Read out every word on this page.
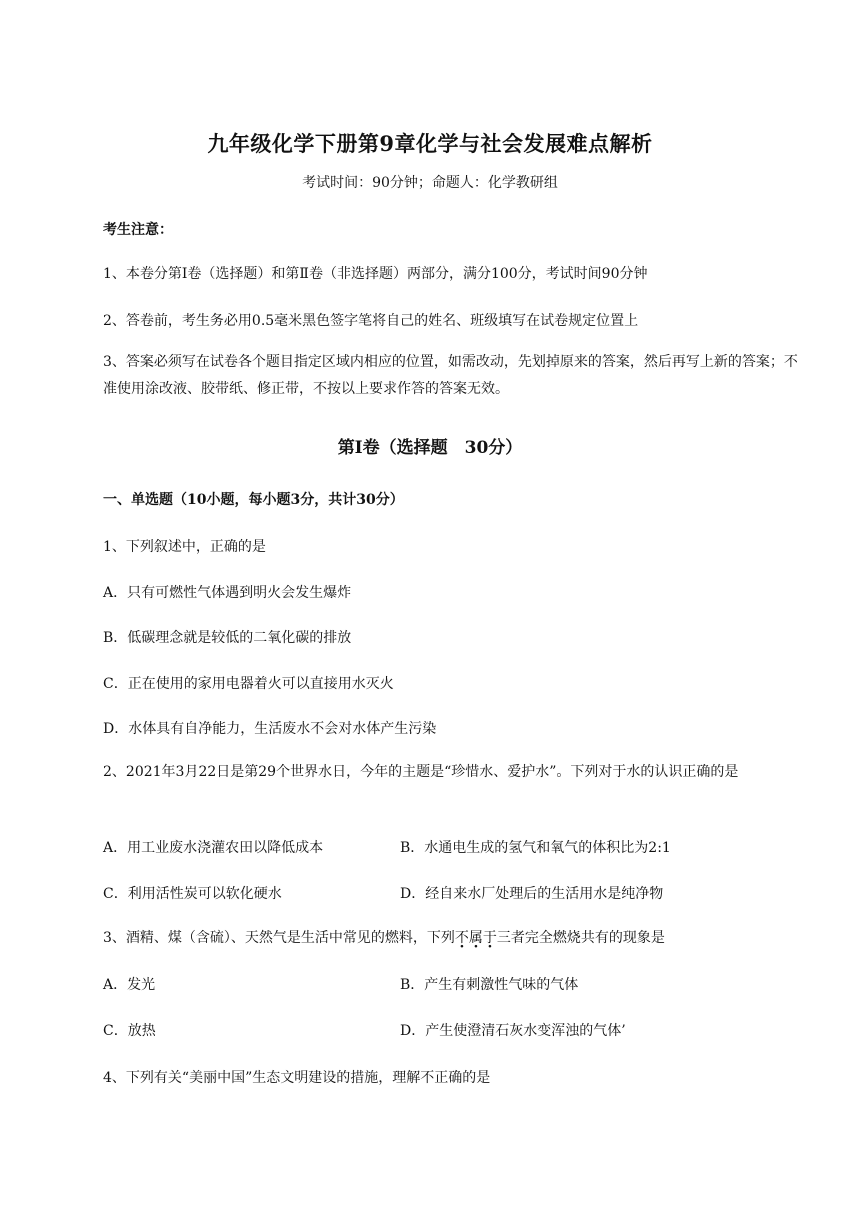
九年级化学下册第9章化学与社会发展难点解析
考试时间：90分钟；命题人：化学教研组
考生注意：
1、本卷分第Ⅰ卷（选择题）和第Ⅱ卷（非选择题）两部分，满分100分，考试时间90分钟
2、答卷前，考生务必用0.5毫米黑色签字笔将自己的姓名、班级填写在试卷规定位置上
3、答案必须写在试卷各个题目指定区域内相应的位置，如需改动，先划掉原来的答案，然后再写上新的答案；不准使用涂改液、胶带纸、修正带，不按以上要求作答的答案无效。
第Ⅰ卷（选择题　30分）
一、单选题（10小题，每小题3分，共计30分）
1、下列叙述中，正确的是
A．只有可燃性气体遇到明火会发生爆炸
B．低碳理念就是较低的二氧化碳的排放
C．正在使用的家用电器着火可以直接用水灭火
D．水体具有自净能力，生活废水不会对水体产生污染
2、2021年3月22日是第29个世界水日，今年的主题是“珍惜水、爱护水”。下列对于水的认识正确的是
A．用工业废水浇灌农田以降低成本	B．水通电生成的氢气和氧气的体积比为2:1
C．利用活性炭可以软化硬水	D．经自来水厂处理后的生活用水是纯净物
3、酒精、煤（含硫）、天然气是生活中常见的燃料，下列不属于三者完全燃烧共有的现象是
A．发光	B．产生有刺激性气味的气体
C．放热	D．产生使澄清石灰水变浑浊的气体’
4、下列有关“美丽中国”生态文明建设的措施，理解不正确的是
